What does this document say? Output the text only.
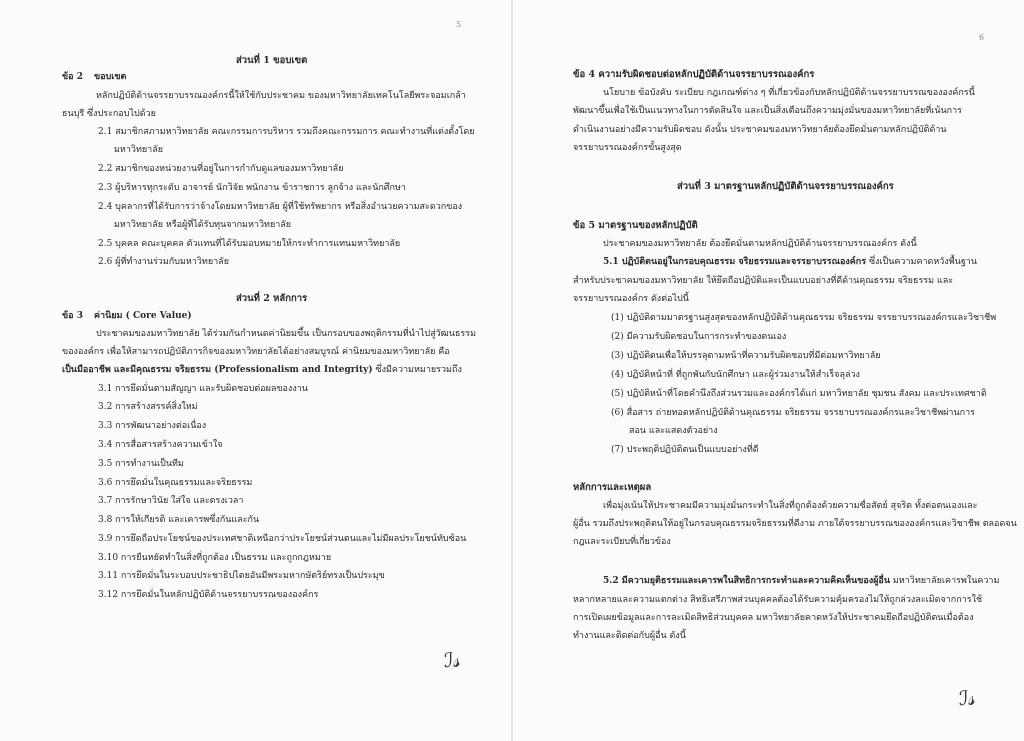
5
ส่วนที่ 1 ขอบเขต
ข้อ 2 ขอบเขต
หลักปฏิบัติด้านจรรยาบรรณองค์กรนี้ให้ใช้กับประชาคม ของมหาวิทยาลัยเทคโนโลยีพระจอมเกล้า
ธนบุรี ซึ่งประกอบไปด้วย
2.1 สมาชิกสภามหาวิทยาลัย คณะกรรมการบริหาร รวมถึงคณะกรรมการ คณะทำงานที่แต่งตั้งโดย
มหาวิทยาลัย
2.2 สมาชิกของหน่วยงานที่อยู่ในการกำกับดูแลของมหาวิทยาลัย
2.3 ผู้บริหารทุกระดับ อาจารย์ นักวิจัย พนักงาน ข้าราชการ ลูกจ้าง และนักศึกษา
2.4 บุคลากรที่ได้รับการว่าจ้างโดยมหาวิทยาลัย ผู้ที่ใช้ทรัพยากร หรือสิ่งอำนวยความสะดวกของ
มหาวิทยาลัย หรือผู้ที่ได้รับทุนจากมหาวิทยาลัย
2.5 บุคคล คณะบุคคล ตัวแทนที่ได้รับมอบหมายให้กระทำการแทนมหาวิทยาลัย
2.6 ผู้ที่ทำงานร่วมกับมหาวิทยาลัย
ส่วนที่ 2 หลักการ
ข้อ 3 ค่านิยม ( Core Value)
ประชาคมของมหาวิทยาลัย ได้ร่วมกันกำหนดค่านิยมขึ้น เป็นกรอบของพฤติกรรมที่นำไปสู่วัฒนธรรม
ขององค์กร เพื่อให้สามารถปฏิบัติภารกิจของมหาวิทยาลัยได้อย่างสมบูรณ์ ค่านิยมของมหาวิทยาลัย คือ
เป็นมืออาชีพ และมีคุณธรรม จริยธรรม (Professionalism and Integrity) ซึ่งมีความหมายรวมถึง
3.1 การยึดมั่นตามสัญญา และรับผิดชอบต่อผลของงาน
3.2 การสร้างสรรค์สิ่งใหม่
3.3 การพัฒนาอย่างต่อเนื่อง
3.4 การสื่อสารสร้างความเข้าใจ
3.5 การทำงานเป็นทีม
3.6 การยึดมั่นในคุณธรรมและจริยธรรม
3.7 การรักษาวินัย ใส่ใจ และตรงเวลา
3.8 การให้เกียรติ และเคารพซึ่งกันและกัน
3.9 การยึดถือประโยชน์ของประเทศชาติเหนือกว่าประโยชน์ส่วนตนและไม่มีผลประโยชน์ทับซ้อน
3.10 การยืนหยัดทำในสิ่งที่ถูกต้อง เป็นธรรม และถูกกฎหมาย
3.11 การยึดมั่นในระบอบประชาธิปไตยอันมีพระมหากษัตริย์ทรงเป็นประมุข
3.12 การยึดมั่นในหลักปฏิบัติด้านจรรยาบรรณขององค์กร
ℐ𝓈
6
ข้อ 4 ความรับผิดชอบต่อหลักปฏิบัติด้านจรรยาบรรณองค์กร
นโยบาย ข้อบังคับ ระเบียบ กฎเกณฑ์ต่าง ๆ ที่เกี่ยวข้องกับหลักปฏิบัติด้านจรรยาบรรณขององค์กรนี้
พัฒนาขึ้นเพื่อใช้เป็นแนวทางในการตัดสินใจ และเป็นสิ่งเตือนถึงความมุ่งมั่นของมหาวิทยาลัยที่เน้นการ
ดำเนินงานอย่างมีความรับผิดชอบ ดังนั้น ประชาคมของมหาวิทยาลัยต้องยึดมั่นตามหลักปฏิบัติด้าน
จรรยาบรรณองค์กรขั้นสูงสุด
ส่วนที่ 3 มาตรฐานหลักปฏิบัติด้านจรรยาบรรณองค์กร
ข้อ 5 มาตรฐานของหลักปฏิบัติ
ประชาคมของมหาวิทยาลัย ต้องยึดมั่นตามหลักปฏิบัติด้านจรรยาบรรณองค์กร ดังนี้
5.1 ปฏิบัติตนอยู่ในกรอบคุณธรรม จริยธรรมและจรรยาบรรณองค์กร ซึ่งเป็นความคาดหวังพื้นฐาน
สำหรับประชาคมของมหาวิทยาลัย ให้ยึดถือปฏิบัติและเป็นแบบอย่างที่ดีด้านคุณธรรม จริยธรรม และ
จรรยาบรรณองค์กร ดังต่อไปนี้
(1) ปฏิบัติตามมาตรฐานสูงสุดของหลักปฏิบัติด้านคุณธรรม จริยธรรม จรรยาบรรณองค์กรและวิชาชีพ
(2) มีความรับผิดชอบในการกระทำของตนเอง
(3) ปฏิบัติตนเพื่อให้บรรลุตามหน้าที่ความรับผิดชอบที่มีต่อมหาวิทยาลัย
(4) ปฏิบัติหน้าที่ ที่ถูกพันกับนักศึกษา และผู้ร่วมงานให้สำเร็จลุล่วง
(5) ปฏิบัติหน้าที่โดยคำนึงถึงส่วนรวมและองค์กรได้แก่ มหาวิทยาลัย ชุมชน สังคม และประเทศชาติ
(6) สื่อสาร ถ่ายทอดหลักปฏิบัติด้านคุณธรรม จริยธรรม จรรยาบรรณองค์กรและวิชาชีพผ่านการ
สอน และแสดงตัวอย่าง
(7) ประพฤติปฏิบัติตนเป็นแบบอย่างที่ดี
หลักการและเหตุผล
เพื่อมุ่งเน้นให้ประชาคมมีความมุ่งมั่นกระทำในสิ่งที่ถูกต้องด้วยความซื่อสัตย์ สุจริต ทั้งต่อตนเองและ
ผู้อื่น รวมถึงประพฤติตนให้อยู่ในกรอบคุณธรรมจริยธรรมที่ดีงาม ภายใต้จรรยาบรรณขององค์กรและวิชาชีพ ตลอดจน
กฎและระเบียบที่เกี่ยวข้อง
5.2 มีความยุติธรรมและเคารพในสิทธิการกระทำและความคิดเห็นของผู้อื่น มหาวิทยาลัยเคารพในความ
หลากหลายและความแตกต่าง สิทธิเสรีภาพส่วนบุคคลต้องได้รับความคุ้มครองไม่ให้ถูกล่วงละเมิดจากการใช้
การเปิดเผยข้อมูลและการละเมิดสิทธิส่วนบุคคล มหาวิทยาลัยคาดหวังให้ประชาคมยึดถือปฏิบัติตนเมื่อต้อง
ทำงานและติดต่อกับผู้อื่น ดังนี้
ℐ𝓈
